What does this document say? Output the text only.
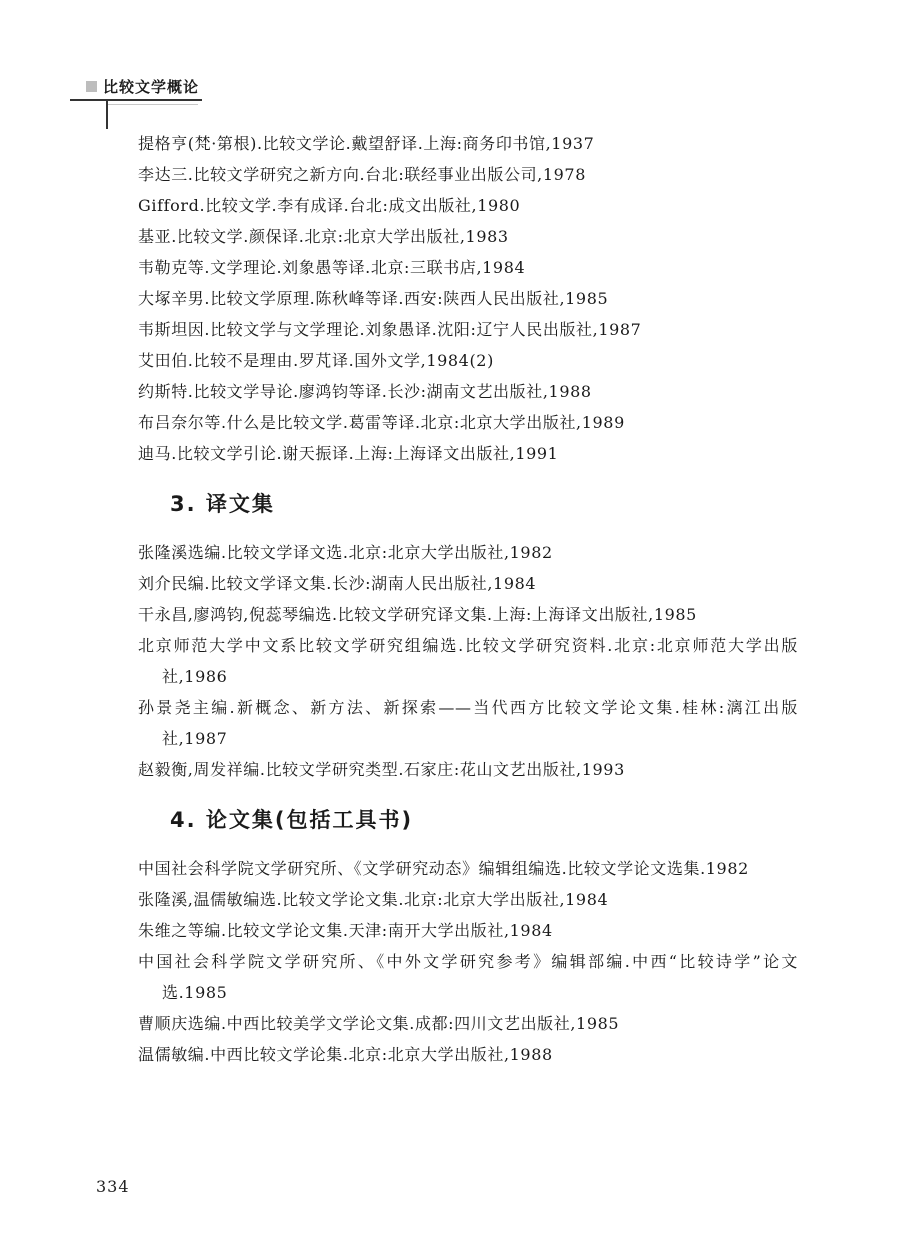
比较文学概论
提格亨(梵·第根).比较文学论.戴望舒译.上海:商务印书馆,1937
李达三.比较文学研究之新方向.台北:联经事业出版公司,1978
Gifford.比较文学.李有成译.台北:成文出版社,1980
基亚.比较文学.颜保译.北京:北京大学出版社,1983
韦勒克等.文学理论.刘象愚等译.北京:三联书店,1984
大塚辛男.比较文学原理.陈秋峰等译.西安:陕西人民出版社,1985
韦斯坦因.比较文学与文学理论.刘象愚译.沈阳:辽宁人民出版社,1987
艾田伯.比较不是理由.罗芃译.国外文学,1984(2)
约斯特.比较文学导论.廖鸿钧等译.长沙:湖南文艺出版社,1988
布吕奈尔等.什么是比较文学.葛雷等译.北京:北京大学出版社,1989
迪马.比较文学引论.谢天振译.上海:上海译文出版社,1991
3. 译文集
张隆溪选编.比较文学译文选.北京:北京大学出版社,1982
刘介民编.比较文学译文集.长沙:湖南人民出版社,1984
干永昌,廖鸿钧,倪蕊琴编选.比较文学研究译文集.上海:上海译文出版社,1985
北京师范大学中文系比较文学研究组编选.比较文学研究资料.北京:北京师范大学出版社,1986
孙景尧主编.新概念、新方法、新探索——当代西方比较文学论文集.桂林:漓江出版社,1987
赵毅衡,周发祥编.比较文学研究类型.石家庄:花山文艺出版社,1993
4. 论文集(包括工具书)
中国社会科学院文学研究所、《文学研究动态》编辑组编选.比较文学论文选集.1982
张隆溪,温儒敏编选.比较文学论文集.北京:北京大学出版社,1984
朱维之等编.比较文学论文集.天津:南开大学出版社,1984
中国社会科学院文学研究所、《中外文学研究参考》编辑部编.中西“比较诗学”论文选.1985
曹顺庆选编.中西比较美学文学论文集.成都:四川文艺出版社,1985
温儒敏编.中西比较文学论集.北京:北京大学出版社,1988
334
